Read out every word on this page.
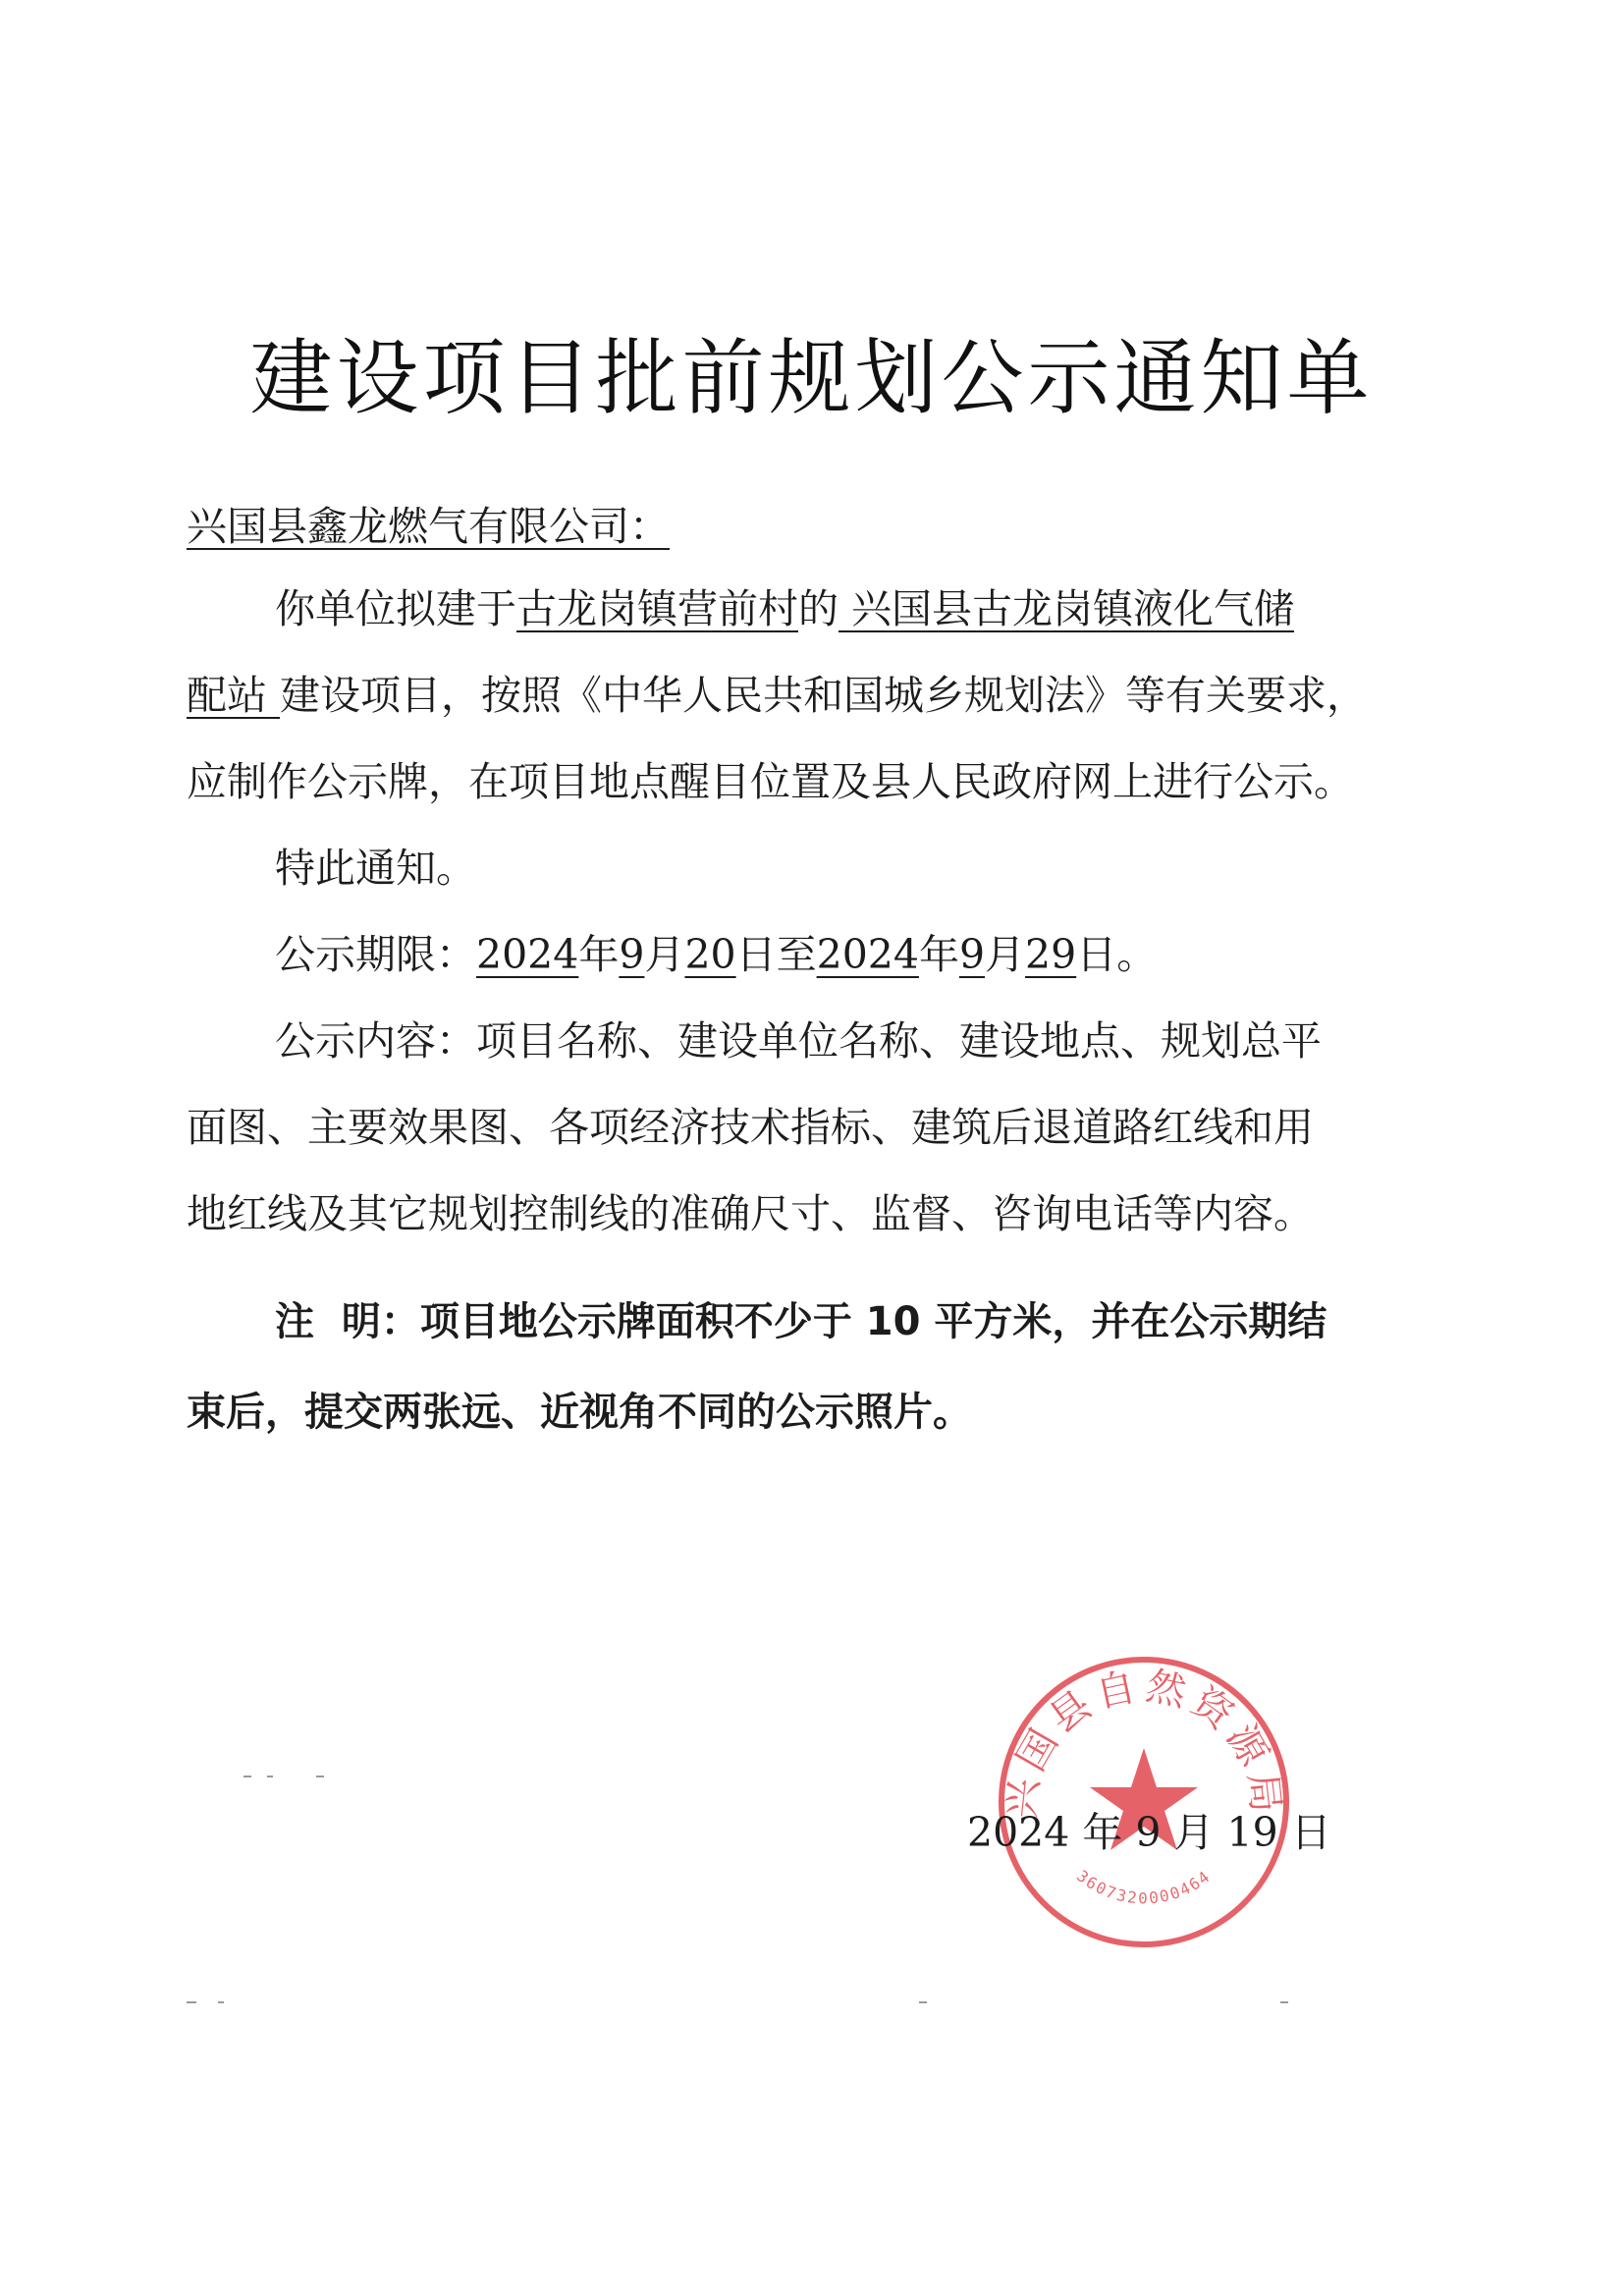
建设项目批前规划公示通知单
兴国县鑫龙燃气有限公司：
你单位拟建于古龙岗镇营前村的 兴国县古龙岗镇液化气储
配站 建设项目，按照《中华人民共和国城乡规划法》等有关要求，
应制作公示牌，在项目地点醒目位置及县人民政府网上进行公示。
特此通知。
公示期限：2024年9月20日至2024年9月29日。
公示内容：项目名称、建设单位名称、建设地点、规划总平
面图、主要效果图、各项经济技术指标、建筑后退道路红线和用
地红线及其它规划控制线的准确尺寸、监督、咨询电话等内容。
注  明：项目地公示牌面积不少于 10 平方米，并在公示期结
束后，提交两张远、近视角不同的公示照片。
兴国县自然资源局
3607320000464
2024 年 9 月 19 日
